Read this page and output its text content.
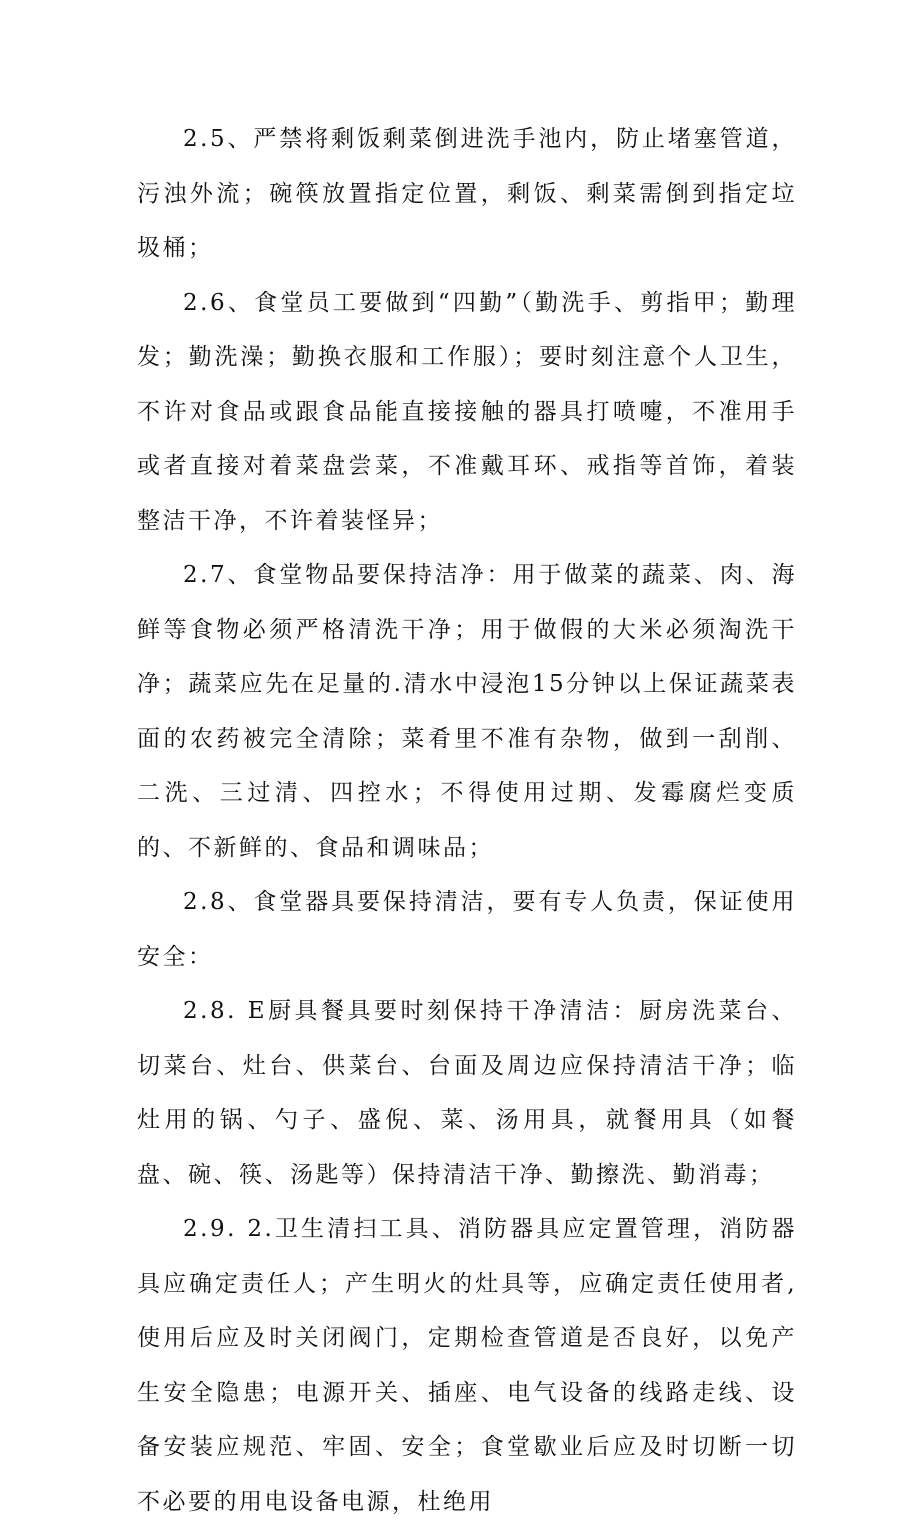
2.5、严禁将剩饭剩菜倒进洗手池内，防止堵塞管道，污浊外流；碗筷放置指定位置，剩饭、剩菜需倒到指定垃圾桶；

2.6、食堂员工要做到“四勤”（勤洗手、剪指甲；勤理发；勤洗澡；勤换衣服和工作服）；要时刻注意个人卫生，不许对食品或跟食品能直接接触的器具打喷嚏，不准用手或者直接对着菜盘尝菜，不准戴耳环、戒指等首饰，着装整洁干净，不许着装怪异；

2.7、食堂物品要保持洁净：用于做菜的蔬菜、肉、海鲜等食物必须严格清洗干净；用于做假的大米必须淘洗干净；蔬菜应先在足量的.清水中浸泡15分钟以上保证蔬菜表面的农药被完全清除；菜肴里不准有杂物，做到一刮削、二洗、三过清、四控水；不得使用过期、发霉腐烂变质的、不新鲜的、食品和调味品；

2.8、食堂器具要保持清洁，要有专人负责，保证使用安全：

2.8. E厨具餐具要时刻保持干净清洁：厨房洗菜台、切菜台、灶台、供菜台、台面及周边应保持清洁干净；临灶用的锅、勺子、盛倪、菜、汤用具，就餐用具（如餐盘、碗、筷、汤匙等）保持清洁干净、勤擦洗、勤消毒；

2.9. 2.卫生清扫工具、消防器具应定置管理，消防器具应确定责任人；产生明火的灶具等，应确定责任使用者,使用后应及时关闭阀门，定期检查管道是否良好，以免产生安全隐患；电源开关、插座、电气设备的线路走线、设备安装应规范、牢固、安全；食堂歇业后应及时切断一切不必要的用电设备电源，杜绝用
